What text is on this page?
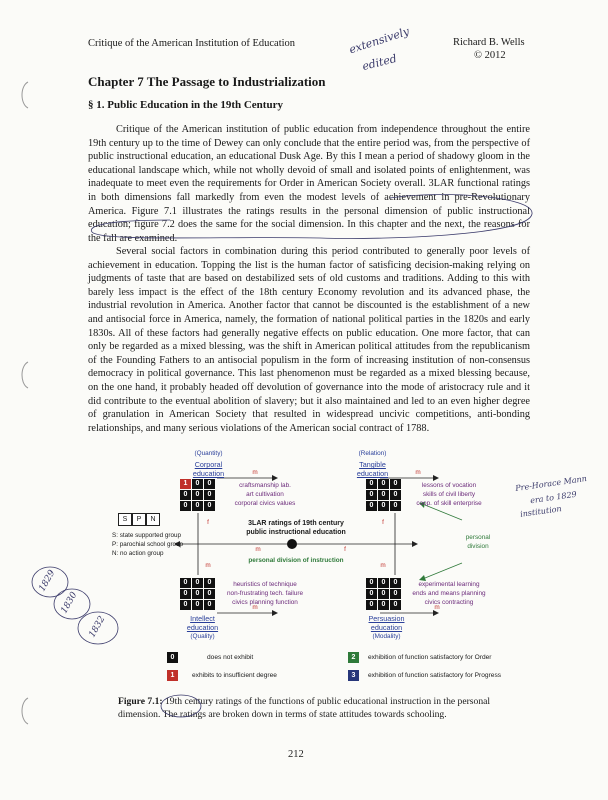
Critique of the American Institution of Education	Richard B. Wells
© 2012
extensively
edited
Chapter 7 The Passage to Industrialization
§ 1. Public Education in the 19th Century

Critique of the American institution of public education from independence throughout the entire 19th century up to the time of Dewey can only conclude that the entire period was, from the perspective of public instructional education, an educational Dusk Age. By this I mean a period of shadowy gloom in the educational landscape which, while not wholly devoid of small and isolated points of enlightenment, was inadequate to meet even the requirements for Order in American Society overall. 3LAR functional ratings in both dimensions fall markedly from even the modest levels of achievement in pre-Revolutionary America. Figure 7.1 illustrates the ratings results in the personal dimension of public instructional education; figure 7.2 does the same for the social dimension. In this chapter and the next, the reasons for the fall are examined.

Several social factors in combination during this period contributed to generally poor levels of achievement in education. Topping the list is the human factor of satisficing decision-making relying on judgments of taste that are based on destabilized sets of old customs and traditions. Adding to this with barely less impact is the effect of the 18th century Economy revolution and its advanced phase, the industrial revolution in America. Another factor that cannot be discounted is the establishment of a new and antisocial force in America, namely, the formation of national political parties in the 1820s and early 1830s. All of these factors had generally negative effects on public education. One more factor, that can only be regarded as a mixed blessing, was the shift in American political attitudes from the republicanism of the Founding Fathers to an antisocial populism in the form of increasing institution of non-consensus democracy in political governance. This last phenomenon must be regarded as a mixed blessing because, on the one hand, it probably headed off devolution of governance into the mode of aristocracy rule and it did contribute to the eventual abolition of slavery; but it also maintained and led to an even higher degree of granulation in American Society that resulted in widespread uncivic competitions, anti-bonding relationships, and many serious violations of the American social contract of 1788.

(Quantity)
Corporal
education
1	0	0
0	0	0
0	0	0
m
craftsmanship lab.
art cultivation
corporal civics values
(Relation)
Tangible
education
0	0	0
0	0	0
0	0	0
m
lessons of vocation
skills of civil liberty
coop. of skill enterprise
S	P	N
S: state supported group
P: parochial school group
N: no action group
3LAR ratings of 19th century
public instructional education
f	f
m	f
personal division of instruction
m	m
personal
division
0	0	0
0	0	0
0	0	0
heuristics of technique
non-frustrating tech. failure
civics planning function
m
Intellect
education
(Quality)
0	0	0
0	0	0
0	0	0
experimental learning
ends and means planning
civics contracting
m
Persuasion
education
(Modality)
0	does not exhibit
1	exhibits to insufficient degree
2	exhibition of function satisfactory for Order
3	exhibition of function satisfactory for Progress
Figure 7.1: 19th century ratings of the functions of public educational instruction in the personal dimension. The ratings are broken down in terms of state attitudes towards schooling.
Pre-Horace Mann
era to 1829
institution
1829
1830
1832
212
